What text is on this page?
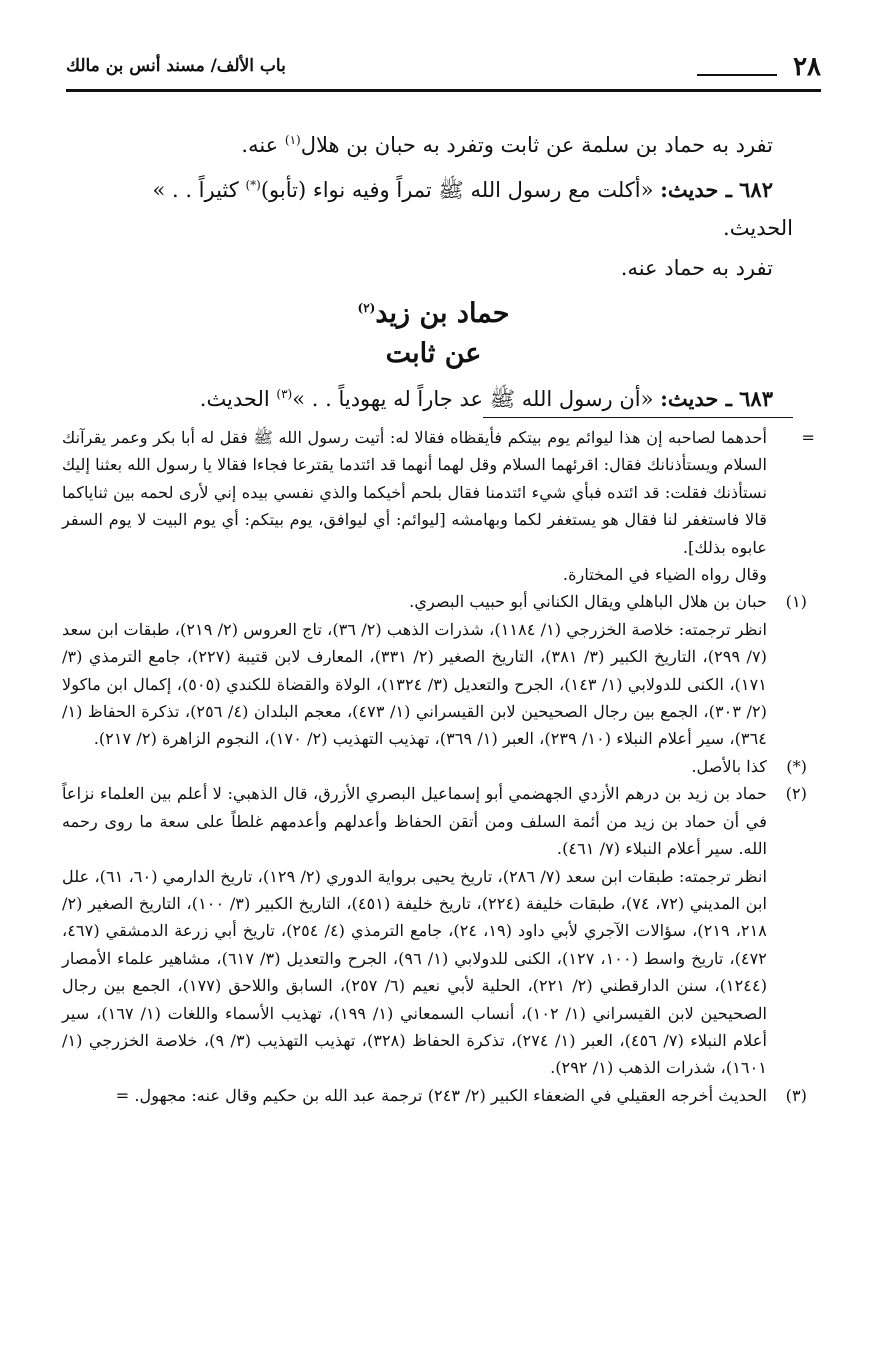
٢٨
باب الألف/ مسند أنس بن مالك

تفرد به حماد بن سلمة عن ثابت وتفرد به حبان بن هلال$^{(١)}$ عنه.

٦٨٢ ـ حديث: «أكلت مع رسول الله ﷺ تمراً وفيه نواء (تأبو)(*) كثيراً . . »

الحديث.

تفرد به حماد عنه.

حماد بن زيد$^{(٢)}$

عن ثابت

٦٨٣ ـ حديث: «أن رسول الله ﷺ عد جاراً له يهودياً . . »$^{(٣)}$ الحديث.

=
أحدهما لصاحبه إن هذا ليوائم يوم بيتكم فأيقظاه فقالا له: أتيت رسول الله ﷺ فقل له أبا بكر وعمر يقرآنك السلام ويستأذنانك فقال: اقرئهما السلام وقل لهما أنهما قد ائتدما يقترعا فجاءا فقالا يا رسول الله بعثنا إليك نستأذنك فقلت: قد ائتده فبأي شيء ائتدمنا فقال بلحم أخيكما والذي نفسي بيده إني لأرى لحمه بين ثناياكما قالا فاستغفر لنا فقال هو يستغفر لكما وبهامشه [ليوائم: أي ليوافق، يوم بيتكم: أي يوم البيت لا يوم السفر عابوه بذلك].

وقال رواه الضياء في المختارة.

(١)
حبان بن هلال الباهلي ويقال الكناني أبو حبيب البصري.

انظر ترجمته: خلاصة الخزرجي (١/ ١١٨٤)، شذرات الذهب (٢/ ٣٦)، تاج العروس (٢/ ٢١٩)، طبقات ابن سعد (٧/ ٢٩٩)، التاريخ الكبير (٣/ ٣٨١)، التاريخ الصغير (٢/ ٣٣١)، المعارف لابن قتيبة (٢٢٧)، جامع الترمذي (٣/ ١٧١)، الكنى للدولابي (١/ ١٤٣)، الجرح والتعديل (٣/ ١٣٢٤)، الولاة والقضاة للكندي (٥٠٥)، إكمال ابن ماكولا (٢/ ٣٠٣)، الجمع بين رجال الصحيحين لابن القيسراني (١/ ٤٧٣)، معجم البلدان (٤/ ٢٥٦)، تذكرة الحفاظ (١/ ٣٦٤)، سير أعلام النبلاء (١٠/ ٢٣٩)، العبر (١/ ٣٦٩)، تهذيب التهذيب (٢/ ١٧٠)، النجوم الزاهرة (٢/ ٢١٧).

(*)
كذا بالأصل.

(٢)
حماد بن زيد بن درهم الأزدي الجهضمي أبو إسماعيل البصري الأزرق، قال الذهبي: لا أعلم بين العلماء نزاعاً في أن حماد بن زيد من أئمة السلف ومن أتقن الحفاظ وأعدلهم وأعدمهم غلطاً على سعة ما روى رحمه الله. سير أعلام النبلاء (٧/ ٤٦١).

انظر ترجمته: طبقات ابن سعد (٧/ ٢٨٦)، تاريخ يحيى برواية الدوري (٢/ ١٢٩)، تاريخ الدارمي (٦٠، ٦١)، علل ابن المديني (٧٢، ٧٤)، طبقات خليفة (٢٢٤)، تاريخ خليفة (٤٥١)، التاريخ الكبير (٣/ ١٠٠)، التاريخ الصغير (٢/ ٢١٨، ٢١٩)، سؤالات الآجري لأبي داود (١٩، ٢٤)، جامع الترمذي (٤/ ٢٥٤)، تاريخ أبي زرعة الدمشقي (٤٦٧، ٤٧٢)، تاريخ واسط (١٠٠، ١٢٧)، الكنى للدولابي (١/ ٩٦)، الجرح والتعديل (٣/ ٦١٧)، مشاهير علماء الأمصار (١٢٤٤)، سنن الدارقطني (٢/ ٢٢١)، الحلية لأبي نعيم (٦/ ٢٥٧)، السابق واللاحق (١٧٧)، الجمع بين رجال الصحيحين لابن القيسراني (١/ ١٠٢)، أنساب السمعاني (١/ ١٩٩)، تهذيب الأسماء واللغات (١/ ١٦٧)، سير أعلام النبلاء (٧/ ٤٥٦)، العبر (١/ ٢٧٤)، تذكرة الحفاظ (٣٢٨)، تهذيب التهذيب (٣/ ٩)، خلاصة الخزرجي (١/ ١٦٠١)، شذرات الذهب (١/ ٢٩٢).

(٣)
الحديث أخرجه العقيلي في الضعفاء الكبير (٢/ ٢٤٣) ترجمة عبد الله بن حكيم وقال عنه: مجهول. =
